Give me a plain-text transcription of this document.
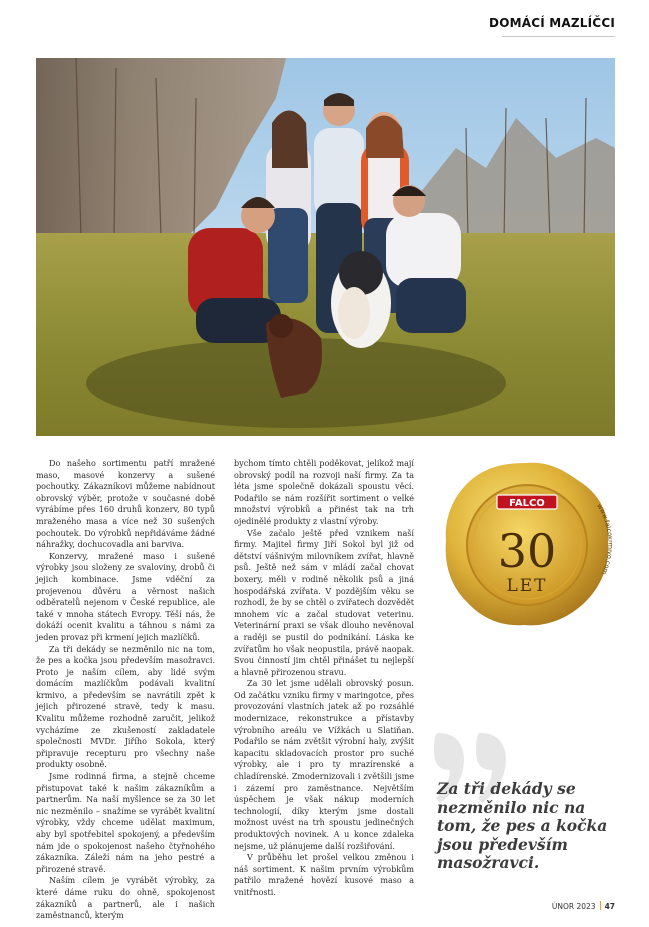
DOMÁCÍ MAZLÍČCI

Do našeho sortimentu patří mražené maso, masové konzervy a sušené pochoutky. Zákazníkovi můžeme nabídnout obrovský výběr, protože v současné době vyrábíme přes 160 druhů konzerv, 80 typů mraženého masa a více než 30 sušených pochoutek. Do výrobků nepřidáváme žádné náhražky, dochucovadla ani barviva.

Konzervy, mražené maso i sušené výrobky jsou složeny ze svaloviny, drobů či jejich kombinace. Jsme vděční za projevenou důvěru a věrnost našich odběratelů nejenom v České republice, ale také v mnoha státech Evropy. Těší nás, že dokáží ocenit kvalitu a táhnou s námi za jeden provaz při krmení jejich mazlíčků.

Za tři dekády se nezměnilo nic na tom, že pes a kočka jsou především masožravci. Proto je naším cílem, aby lidé svým domácím mazlíčkům podávali kvalitní krmivo, a především se navrátili zpět k jejich přirozené stravě, tedy k masu. Kvalitu můžeme rozhodně zaručit, jelikož vycházíme ze zkušeností zakladatele společnosti MVDr. Jiřího Sokola, který připravuje recepturu pro všechny naše produkty osobně.

Jsme rodinná firma, a stejně chceme přistupovat také k našim zákazníkům a partnerům. Na naší myšlence se za 30 let nic nezměnilo – snažíme se vyrábět kvalitní výrobky, vždy chceme udělat maximum, aby byl spotřebitel spokojený, a především nám jde o spokojenost našeho čtyřnohého zákazníka. Záleží nám na jeho pestré a přirozené stravě.

Naším cílem je vyrábět výrobky, za které dáme ruku do ohně, spokojenost zákazníků a partnerů, ale i našich zaměstnanců, kterým

bychom tímto chtěli poděkovat, jelikož mají obrovský podíl na rozvoji naší firmy. Za ta léta jsme společně dokázali spoustu věcí. Podařilo se nám rozšířit sortiment o velké množství výrobků a přinést tak na trh ojedinělé produkty z vlastní výroby.

Vše začalo ještě před vznikem naší firmy. Majitel firmy Jiří Sokol byl již od dětství vášnivým milovníkem zvířat, hlavně psů. Ještě než sám v mládí začal chovat boxery, měli v rodině několik psů a jiná hospodářská zvířata. V pozdějším věku se rozhodl, že by se chtěl o zvířatech dozvědět mnohem víc a začal studovat veterinu. Veterinární praxi se však dlouho nevěnoval a raději se pustil do podnikání. Láska ke zvířatům ho však neopustila, právě naopak. Svou činností jim chtěl přinášet tu nejlepší a hlavně přirozenou stravu.

Za 30 let jsme udělali obrovský posun. Od začátku vzniku firmy v maringotce, přes provozování vlastních jatek až po rozsáhlé modernizace, rekonstrukce a přístavby výrobního areálu ve Vížkách u Slatiňan. Podařilo se nám zvětšit výrobní haly, zvýšit kapacitu skladovacích prostor pro suché výrobky, ale i pro ty mrazírenské a chladírenské. Zmodernizovali i zvětšili jsme i zázemí pro zaměstnance. Největším úspěchem je však nákup moderních technologií, díky kterým jsme dostali možnost uvést na trh spoustu jedinečných produktových novinek. A u konce zdaleka nejsme, už plánujeme další rozšiřování.

V průběhu let prošel velkou změnou i náš sortiment. K našim prvním výrobkům patřilo mražené hovězí kusové maso a vnitřnosti.

FALCO
30
LET
www.fal .com
Za tři dekády se nezměnilo nic na tom, že pes a kočka jsou především masožravci.
ÚNOR 2023 47
